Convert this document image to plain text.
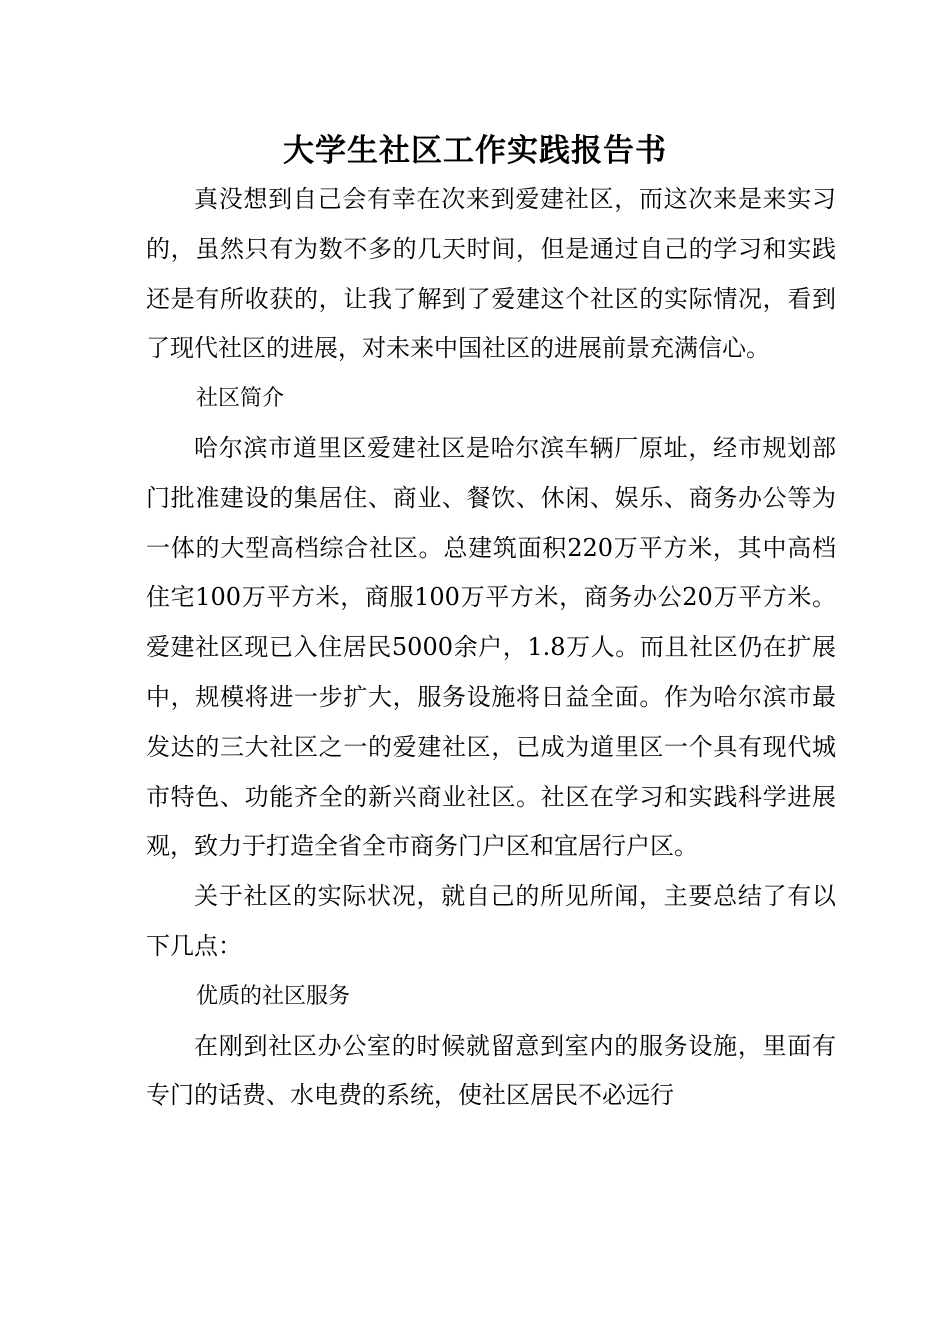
大学生社区工作实践报告书

真没想到自己会有幸在次来到爱建社区，而这次来是来实习的，虽然只有为数不多的几天时间，但是通过自己的学习和实践还是有所收获的，让我了解到了爱建这个社区的实际情况，看到了现代社区的进展，对未来中国社区的进展前景充满信心。

社区简介

哈尔滨市道里区爱建社区是哈尔滨车辆厂原址，经市规划部门批准建设的集居住、商业、餐饮、休闲、娱乐、商务办公等为一体的大型高档综合社区。总建筑面积220万平方米，其中高档住宅100万平方米，商服100万平方米，商务办公20万平方米。爱建社区现已入住居民5000余户，1.8万人。而且社区仍在扩展中，规模将进一步扩大，服务设施将日益全面。作为哈尔滨市最发达的三大社区之一的爱建社区，已成为道里区一个具有现代城市特色、功能齐全的新兴商业社区。社区在学习和实践科学进展观，致力于打造全省全市商务门户区和宜居行户区。

关于社区的实际状况，就自己的所见所闻，主要总结了有以下几点：

优质的社区服务

在刚到社区办公室的时候就留意到室内的服务设施，里面有专门的话费、水电费的系统，使社区居民不必远行
